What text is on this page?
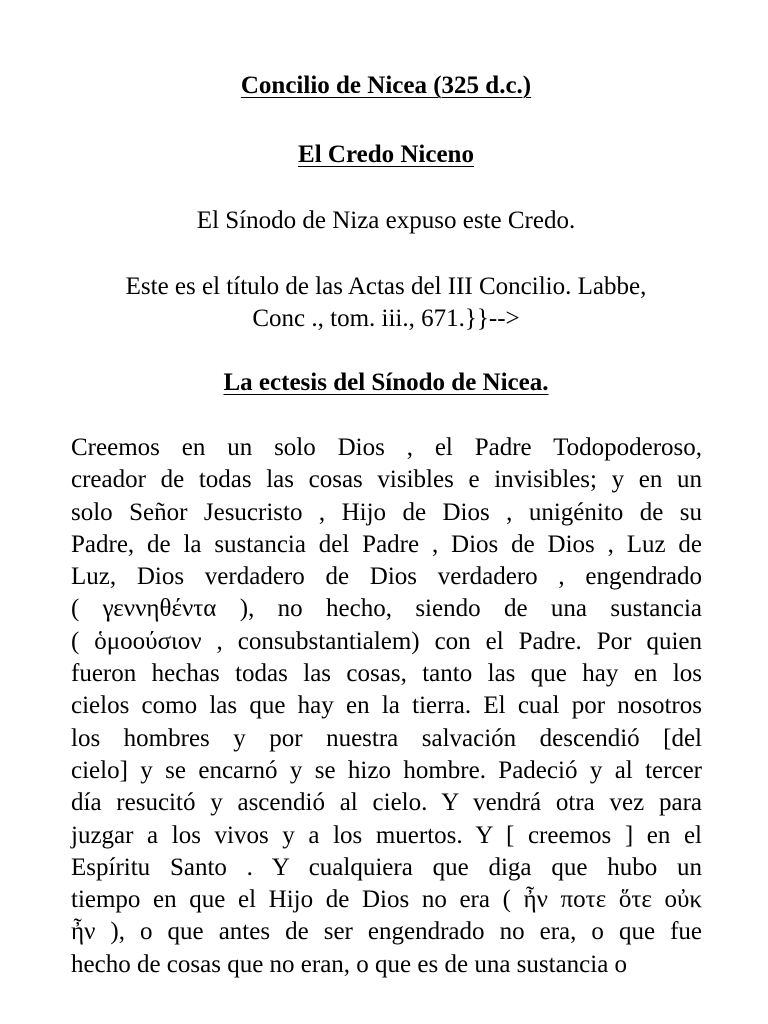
Concilio de Nicea (325 d.c.)
El Credo Niceno
El Sínodo de Niza expuso este Credo.
Este es el título de las Actas del III Concilio. Labbe,
Conc ., tom. iii., 671.}}-->
La ectesis del Sínodo de Nicea.
Creemos en un solo Dios , el Padre Todopoderoso,
creador de todas las cosas visibles e invisibles; y en un
solo Señor Jesucristo , Hijo de Dios , unigénito de su
Padre, de la sustancia del Padre , Dios de Dios , Luz de
Luz, Dios verdadero de Dios verdadero , engendrado
( γεννηθέντα ), no hecho, siendo de una sustancia
( ὁμοούσιον , consubstantialem) con el Padre. Por quien
fueron hechas todas las cosas, tanto las que hay en los
cielos como las que hay en la tierra. El cual por nosotros
los hombres y por nuestra salvación descendió [del
cielo] y se encarnó y se hizo hombre. Padeció y al tercer
día resucitó y ascendió al cielo. Y vendrá otra vez para
juzgar a los vivos y a los muertos. Y [ creemos ] en el
Espíritu Santo . Y cualquiera que diga que hubo un
tiempo en que el Hijo de Dios no era ( ἦν ποτε ὅτε οὐκ
ἦν ), o que antes de ser engendrado no era, o que fue
hecho de cosas que no eran, o que es de una sustancia o
